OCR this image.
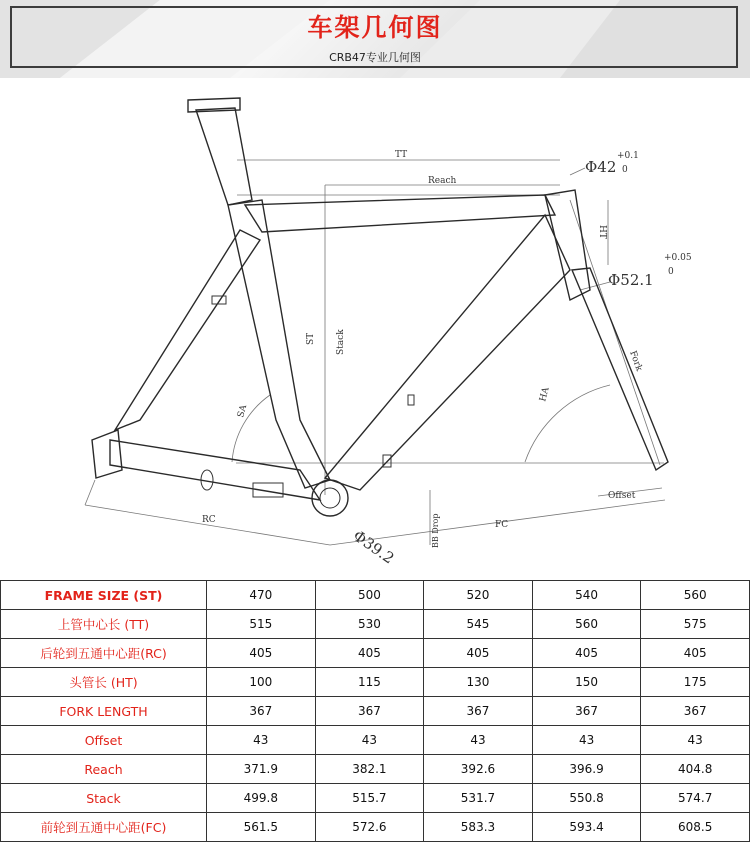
车架几何图
CRB47专业几何图
TT
Reach
Stack
ST
HT
Fork
SA
HA
RC	FC
BB Drop
Offset
Φ42
+0.1
0
Φ52.1
+0.05
0
Φ39.2
FRAME SIZE (ST)	470	500	520	540	560
上管中心长 (TT)	515	530	545	560	575
后轮到五通中心距(RC)	405	405	405	405	405
头管长 (HT)	100	115	130	150	175
FORK LENGTH	367	367	367	367	367
Offset	43	43	43	43	43
Reach	371.9	382.1	392.6	396.9	404.8
Stack	499.8	515.7	531.7	550.8	574.7
前轮到五通中心距(FC)	561.5	572.6	583.3	593.4	608.5
